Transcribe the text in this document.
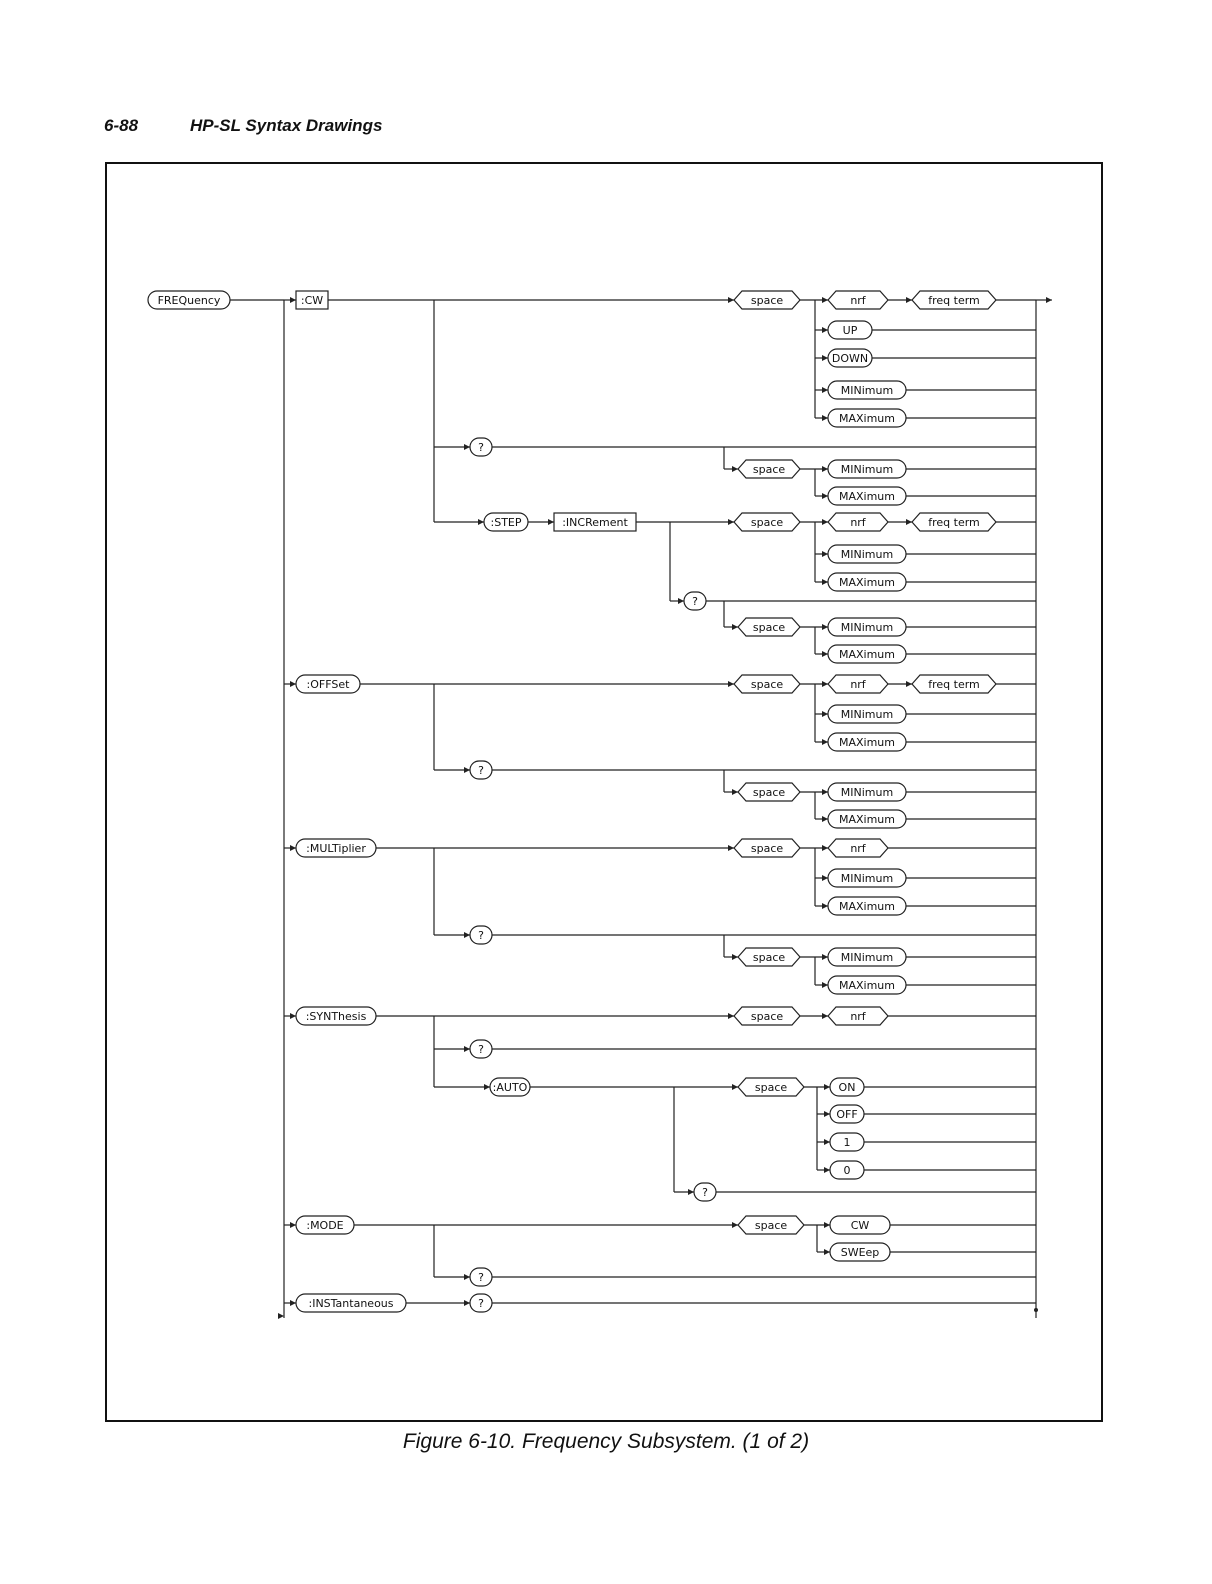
6-88	HP-SL Syntax Drawings
FREQuency	:CW	space	nrf	freq term
UP
DOWN
MINimum
MAXimum
?
space	MINimum
MAXimum
:STEP	:INCRement	space	nrf	freq term
MINimum
MAXimum
?
space	MINimum
MAXimum
:OFFSet	space	nrf	freq term
MINimum
MAXimum
?
space	MINimum
MAXimum
:MULTiplier	space	nrf
MINimum
MAXimum
?
space	MINimum
MAXimum
:SYNThesis	space	nrf
?
:AUTO	space	ON
OFF
1
0
?
:MODE	space	CW
SWEep
?
:INSTantaneous	?
Figure 6-10. Frequency Subsystem. (1 of 2)
